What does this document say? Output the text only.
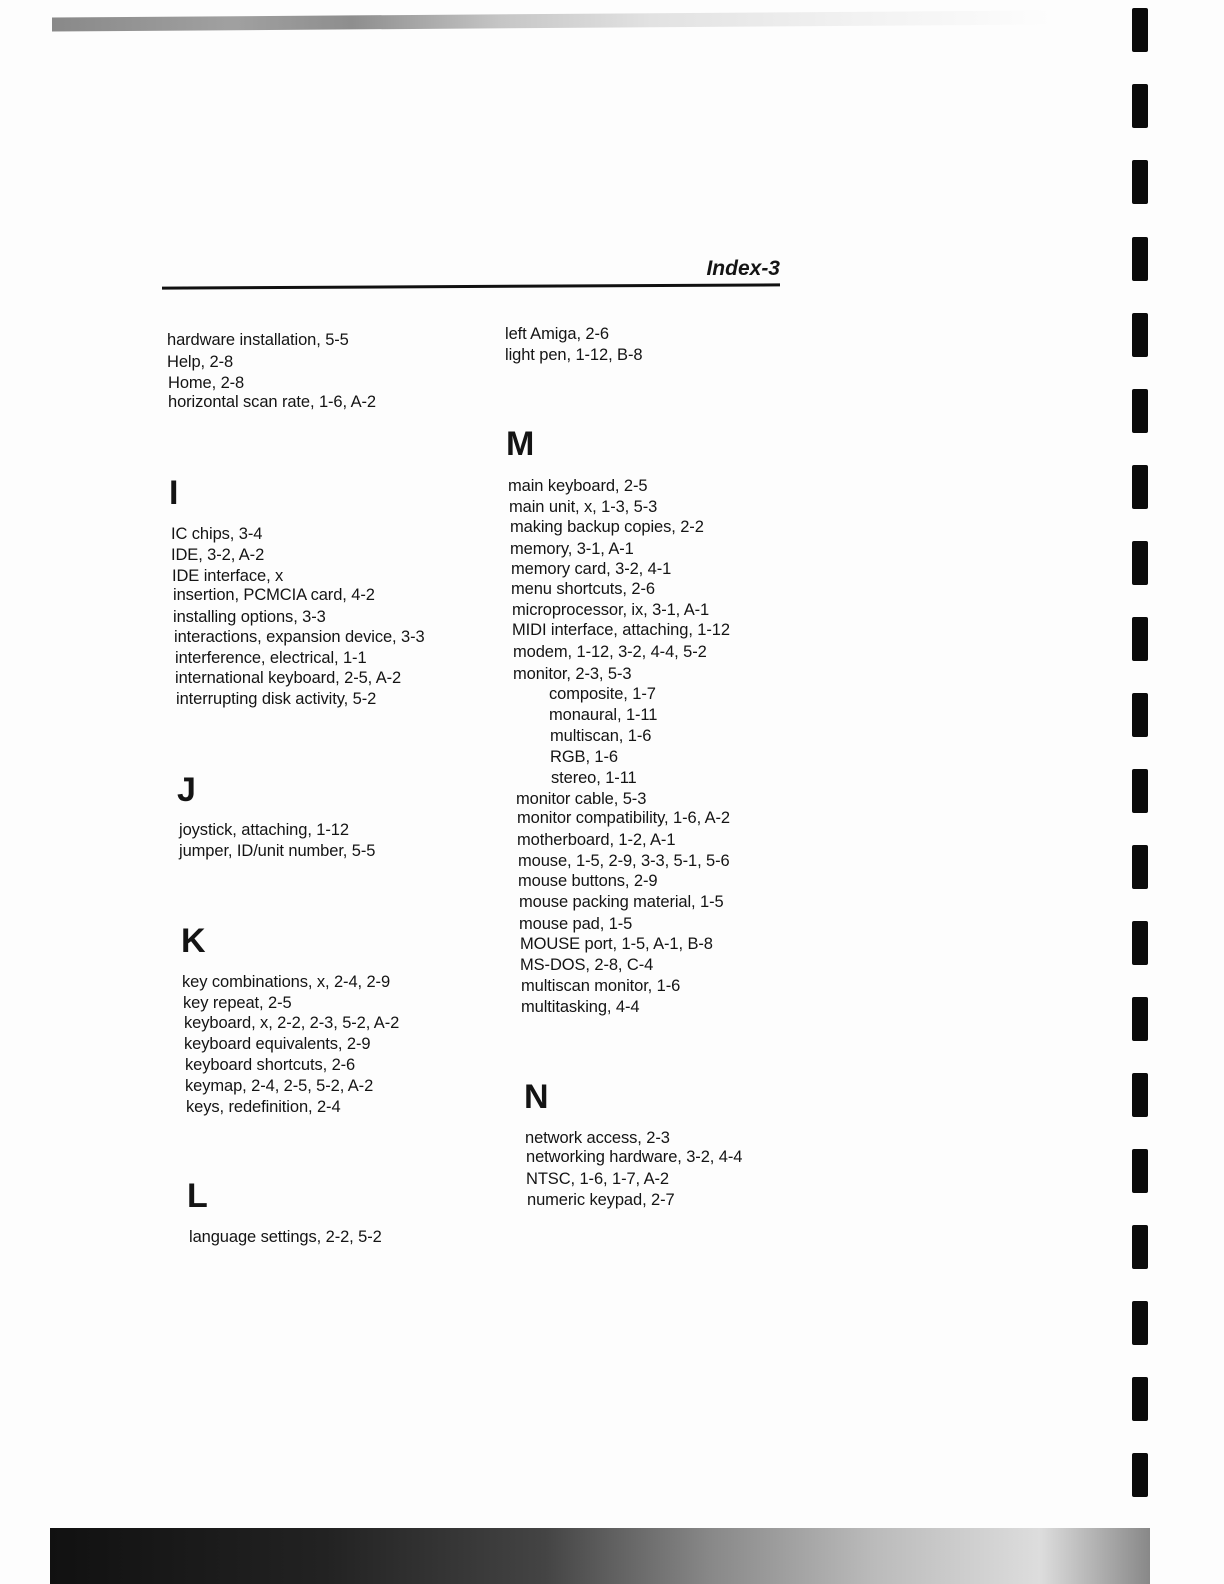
Index-3
hardware installation, 5-5
Help, 2-8
Home, 2-8
horizontal scan rate, 1-6, A-2
I
IC chips, 3-4
IDE, 3-2, A-2
IDE interface, x
insertion, PCMCIA card, 4-2
installing options, 3-3
interactions, expansion device, 3-3
interference, electrical, 1-1
international keyboard, 2-5, A-2
interrupting disk activity, 5-2
J
joystick, attaching, 1-12
jumper, ID/unit number, 5-5
K
key combinations, x, 2-4, 2-9
key repeat, 2-5
keyboard, x, 2-2, 2-3, 5-2, A-2
keyboard equivalents, 2-9
keyboard shortcuts, 2-6
keymap, 2-4, 2-5, 5-2, A-2
keys, redefinition, 2-4
L
language settings, 2-2, 5-2
left Amiga, 2-6
light pen, 1-12, B-8
M
main keyboard, 2-5
main unit, x, 1-3, 5-3
making backup copies, 2-2
memory, 3-1, A-1
memory card, 3-2, 4-1
menu shortcuts, 2-6
microprocessor, ix, 3-1, A-1
MIDI interface, attaching, 1-12
modem, 1-12, 3-2, 4-4, 5-2
monitor, 2-3, 5-3
composite, 1-7
monaural, 1-11
multiscan, 1-6
RGB, 1-6
stereo, 1-11
monitor cable, 5-3
monitor compatibility, 1-6, A-2
motherboard, 1-2, A-1
mouse, 1-5, 2-9, 3-3, 5-1, 5-6
mouse buttons, 2-9
mouse packing material, 1-5
mouse pad, 1-5
MOUSE port, 1-5, A-1, B-8
MS-DOS, 2-8, C-4
multiscan monitor, 1-6
multitasking, 4-4
N
network access, 2-3
networking hardware, 3-2, 4-4
NTSC, 1-6, 1-7, A-2
numeric keypad, 2-7
